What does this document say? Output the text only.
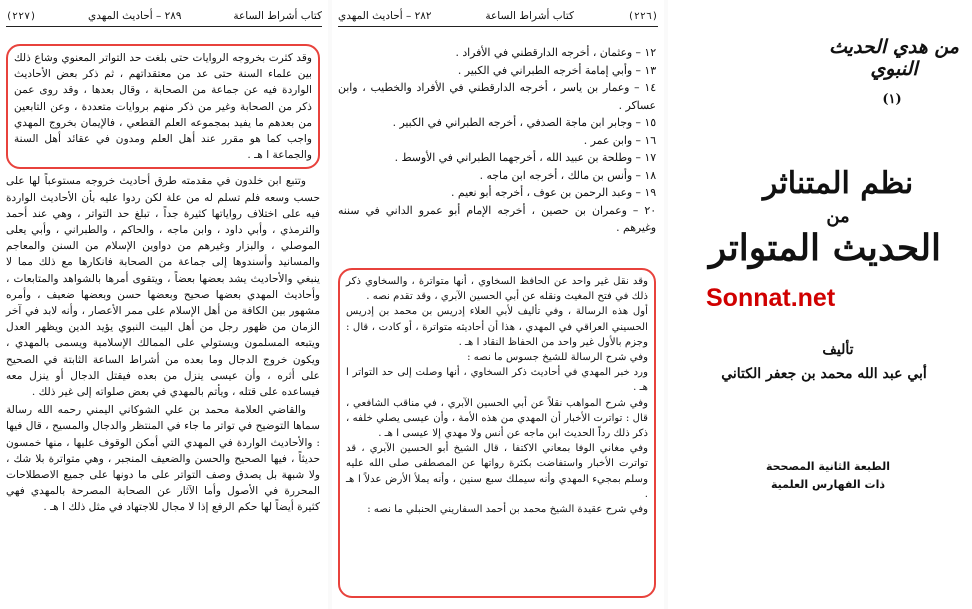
كتاب أشراط الساعة
٢٨٩ – أحاديث المهدي
(٢٢٧)

وقد كثرت بخروجه الروايات حتى بلغت حد التواتر المعنوي وشاع ذلك بين علماء السنة حتى عد من معتقداتهم ، ثم ذكر بعض الأحاديث الواردة فيه عن جماعة من الصحابة ، وقال بعدها ، وقد روى عمن ذكر من الصحابة وغير من ذكر منهم بروايات متعددة ، وعن التابعين من بعدهم ما يفيد بمجموعه العلم القطعي ، فالإيمان بخروج المهدي واجب كما هو مقرر عند أهل العلم ومدون في عقائد أهل السنة والجماعة ا هـ .

وتتبع ابن خلدون في مقدمته طرق أحاديث خروجه مستوعباً لها على حسب وسعه فلم تسلم له من علة لكن ردوا عليه بأن الأحاديث الواردة فيه على اختلاف رواياتها كثيرة جداً ، تبلغ حد التواتر ، وهي عند أحمد والترمذي ، وأبي داود ، وابن ماجه ، والحاكم ، والطبراني ، وأبي يعلى الموصلي ، والبزار وغيرهم من دواوين الإسلام من السنن والمعاجم والمسانيد وأسندوها إلى جماعة من الصحابة فانكارها مع ذلك مما لا ينبغي والأحاديث يشد بعضها بعضاً ، ويتقوى أمرها بالشواهد والمتابعات ، وأحاديث المهدي بعضها صحيح وبعضها حسن وبعضها ضعيف ، وأمره مشهور بين الكافة من أهل الإسلام على ممر الأعصار ، وأنه لابد في آخر الزمان من ظهور رجل من أهل البيت النبوي يؤيد الدين ويظهر العدل ويتبعه المسلمون ويستولي على الممالك الإسلامية ويسمى بالمهدي ، ويكون خروج الدجال وما بعده من أشراط الساعة الثابتة في الصحيح على أثره ، وأن عيسى ينزل من بعده فيقتل الدجال أو ينزل معه فيساعده على قتله ، ويأتم بالمهدي في بعض صلواته إلى غير ذلك .

والقاضي العلامة محمد بن علي الشوكاني اليمني رحمه الله رسالة سماها التوضيح في تواتر ما جاء في المنتظر والدجال والمسيح ، قال فيها : والأحاديث الواردة في المهدي التي أمكن الوقوف عليها ، منها خمسون حديثاً ، فيها الصحيح والحسن والضعيف المنجبر ، وهي متواترة بلا شك ، ولا شبهة بل يصدق وصف التواتر على ما دونها على جميع الاصطلاحات المحررة في الأصول وأما الآثار عن الصحابة المصرحة بالمهدي فهي كثيرة أيضاً لها حكم الرفع إذا لا مجال للاجتهاد في مثل ذلك ا هـ .

(٢٢٦)
كتاب أشراط الساعة
٢٨٢ – أحاديث المهدي

١٢ – وعثمان ، أخرجه الدارقطني في الأفراد .

١٣ – وأبي إمامة أخرجه الطبراني في الكبير .

١٤ – وعمار بن ياسر ، أخرجه الدارقطني في الأفراد والخطيب ، وابن عساكر .

١٥ – وجابر ابن ماجة الصدفي ، أخرجه الطبراني في الكبير .

١٦ – وابن عمر .

١٧ – وطلحة بن عبيد الله ، أخرجهما الطبراني في الأوسط .

١٨ – وأنس بن مالك ، أخرجه ابن ماجه .

١٩ – وعبد الرحمن بن عوف ، أخرجه أبو نعيم .

٢٠ – وعمران بن حصين ، أخرجه الإمام أبو عمرو الداني في سننه وغيرهم .

وقد نقل غير واحد عن الحافظ السخاوي ، أنها متواترة ، والسخاوي ذكر ذلك في فتح المغيث ونقله عن أبي الحسين الآبري ، وقد تقدم نصه .

أول هذه الرسالة ، وفي تأليف لأبي العلاء إدريس بن محمد بن إدريس الحسيني العراقي في المهدي ، هذا أن أحاديثه متواترة ، أو كادت ، قال : وجزم بالأول غير واحد من الحفاظ النقاد ا هـ .

وفي شرح الرسالة للشيخ جسوس ما نصه :

ورد خبر المهدي في أحاديث ذكر السخاوي ، أنها وصلت إلى حد التواتر ا هـ .

وفي شرح المواهب نقلاً عن أبي الحسين الآبري ، في مناقب الشافعي ، قال : تواترت الأخبار أن المهدي من هذه الأمة ، وأن عيسى يصلي خلفه ، ذكر ذلك رداً الحديث ابن ماجه عن أنس ولا مهدي إلا عيسى ا هـ .

وفي مغاني الوفا بمعاني الاكتفا ، قال الشيخ أبو الحسين الآبري ، قد تواترت الأخبار واستفاضت بكثرة رواتها عن المصطفى صلى الله عليه وسلم بمجيء المهدي وأنه سيملك سبع سنين ، وأنه يملأ الأرض عدلاً ا هـ .

وفي شرح عقيدة الشيخ محمد بن أحمد السفاريني الحنبلي ما نصه :

من هدي الحديث النبوي
(١)
نظم المتناثر
من
الحديث المتواتر
Sonnat.net
تأليف
أبي عبد الله محمد بن جعفر الكتاني
الطبعة الثانية المصححة
ذات الفهارس العلمية
